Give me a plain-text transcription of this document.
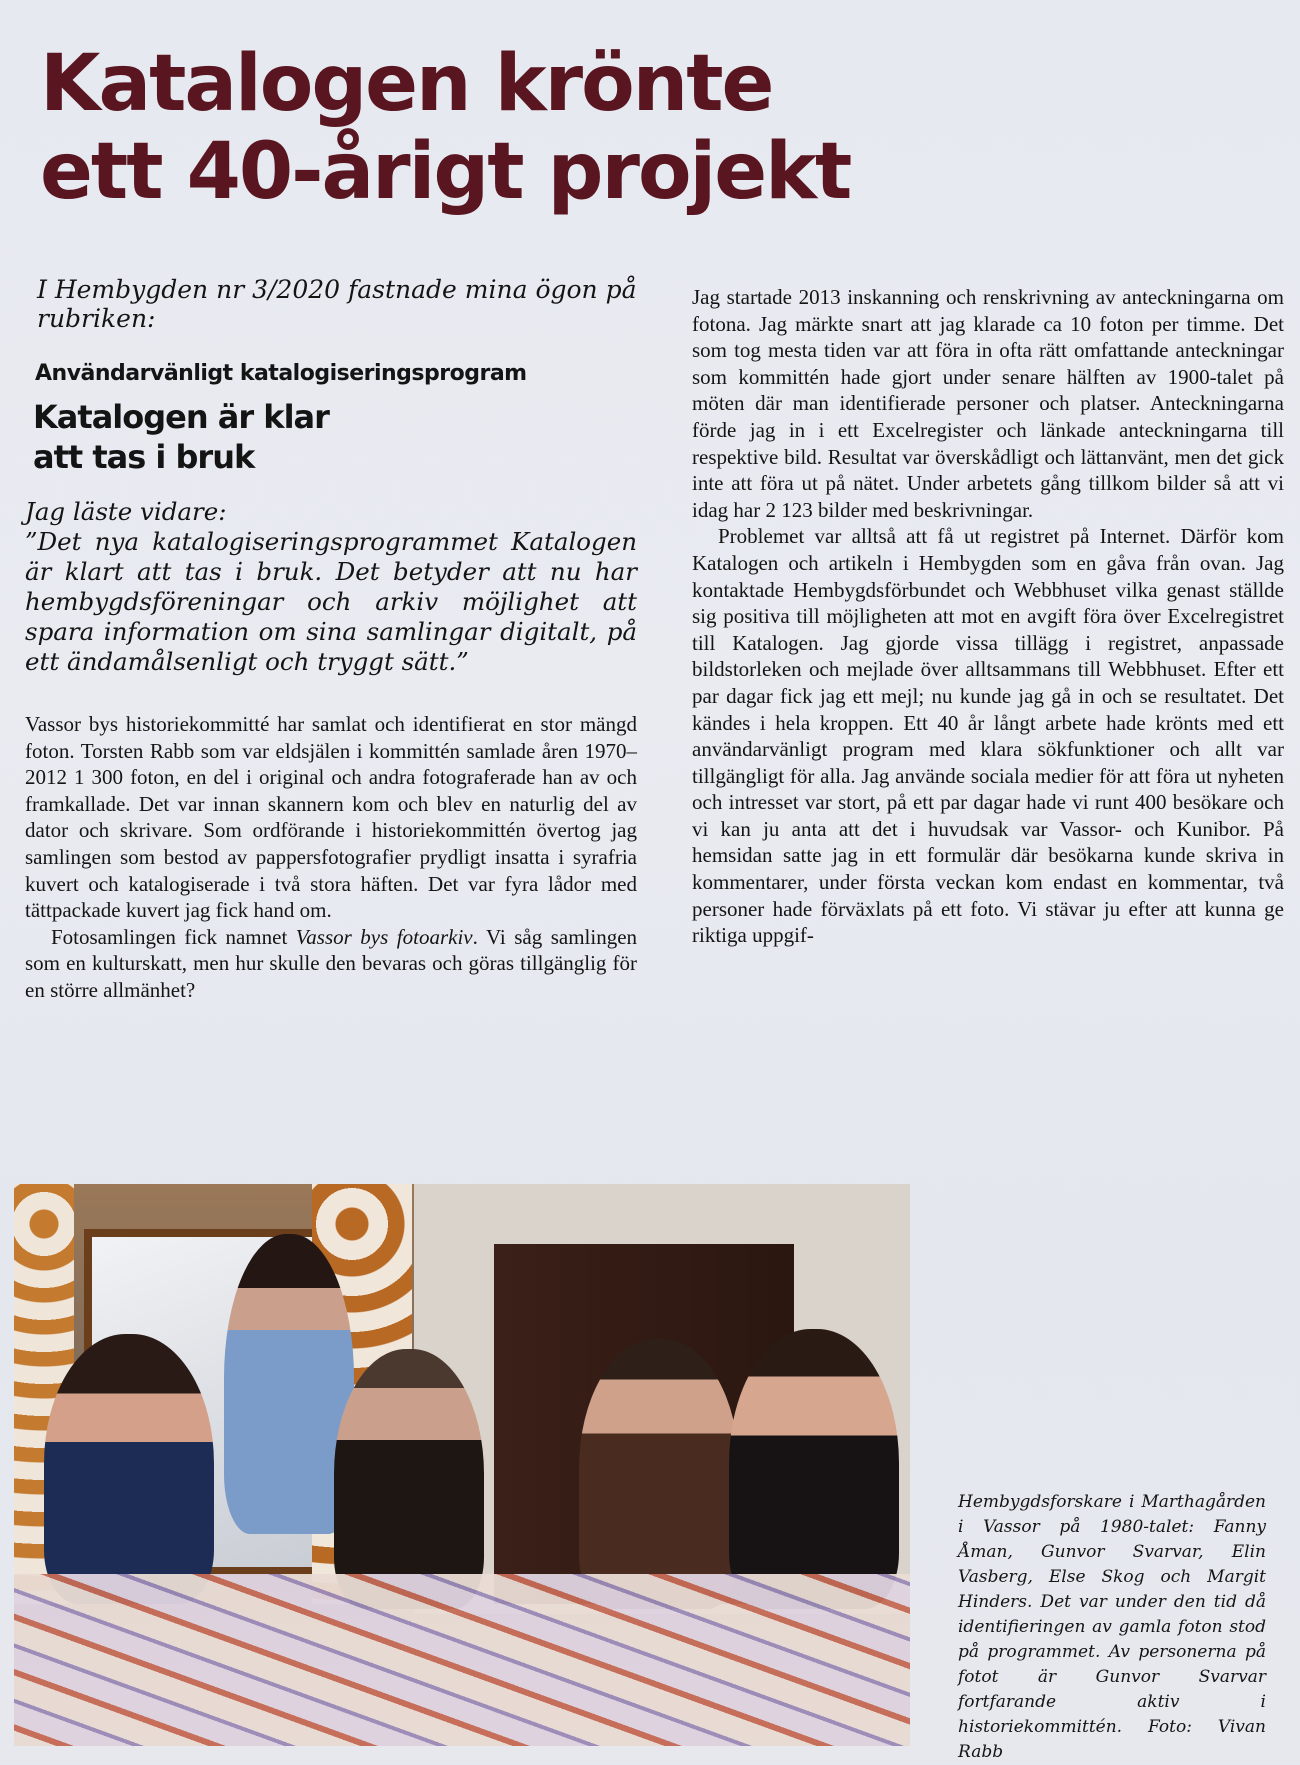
Katalogen krönte
ett 40-årigt projekt

I Hembygden nr 3/2020 fastnade mina ögon på rubriken:

Användarvänligt katalogiseringsprogram
Katalogen är klar
att tas i bruk
Jag läste vidare:
”Det nya katalogiseringsprogrammet Katalogen är klart att tas i bruk. Det betyder att nu har hembygdsföreningar och arkiv möjlighet att spara information om sina samlingar digitalt, på ett ändamålsenligt och tryggt sätt.”

Vassor bys historiekommitté har samlat och identifierat en stor mängd foton. Torsten Rabb som var eldsjälen i kommittén samlade åren 1970–2012 1 300 foton, en del i original och andra fotograferade han av och framkallade. Det var innan skannern kom och blev en naturlig del av dator och skrivare. Som ordförande i historiekommittén övertog jag samlingen som bestod av pappersfotografier prydligt insatta i syrafria kuvert och katalogiserade i två stora häften. Det var fyra lådor med tättpackade kuvert jag fick hand om.

Fotosamlingen fick namnet Vassor bys fotoarkiv. Vi såg samlingen som en kulturskatt, men hur skulle den bevaras och göras tillgänglig för en större allmänhet?

Jag startade 2013 inskanning och renskrivning av anteckningarna om fotona. Jag märkte snart att jag klarade ca 10 foton per timme. Det som tog mesta tiden var att föra in ofta rätt omfattande anteckningar som kommittén hade gjort under senare hälften av 1900-talet på möten där man identifierade personer och platser. Anteckningarna förde jag in i ett Excelregister och länkade anteckningarna till respektive bild. Resultat var överskådligt och lättanvänt, men det gick inte att föra ut på nätet. Under arbetets gång tillkom bilder så att vi idag har 2 123 bilder med beskrivningar.

Problemet var alltså att få ut registret på Internet. Därför kom Katalogen och artikeln i Hembygden som en gåva från ovan. Jag kontaktade Hembygdsförbundet och Webbhuset vilka genast ställde sig positiva till möjligheten att mot en avgift föra över Excelregistret till Katalogen. Jag gjorde vissa tillägg i registret, anpassade bildstorleken och mejlade över alltsammans till Webbhuset. Efter ett par dagar fick jag ett mejl; nu kunde jag gå in och se resultatet. Det kändes i hela kroppen. Ett 40 år långt arbete hade krönts med ett användarvänligt program med klara sökfunktioner och allt var tillgängligt för alla. Jag använde sociala medier för att föra ut nyheten och intresset var stort, på ett par dagar hade vi runt 400 besökare och vi kan ju anta att det i huvudsak var Vassor- och Kunibor. På hemsidan satte jag in ett formulär där besökarna kunde skriva in kommentarer, under första veckan kom endast en kommentar, två personer hade förväxlats på ett foto. Vi stävar ju efter att kunna ge riktiga uppgif-

Hembygdsforskare i Marthagården i Vassor på 1980-talet: Fanny Åman, Gunvor Svarvar, Elin Vasberg, Else Skog och Margit Hinders. Det var under den tid då identifieringen av gamla foton stod på programmet. Av personerna på fotot är Gunvor Svarvar fortfarande aktiv i historiekommittén. Foto: Vivan Rabb
